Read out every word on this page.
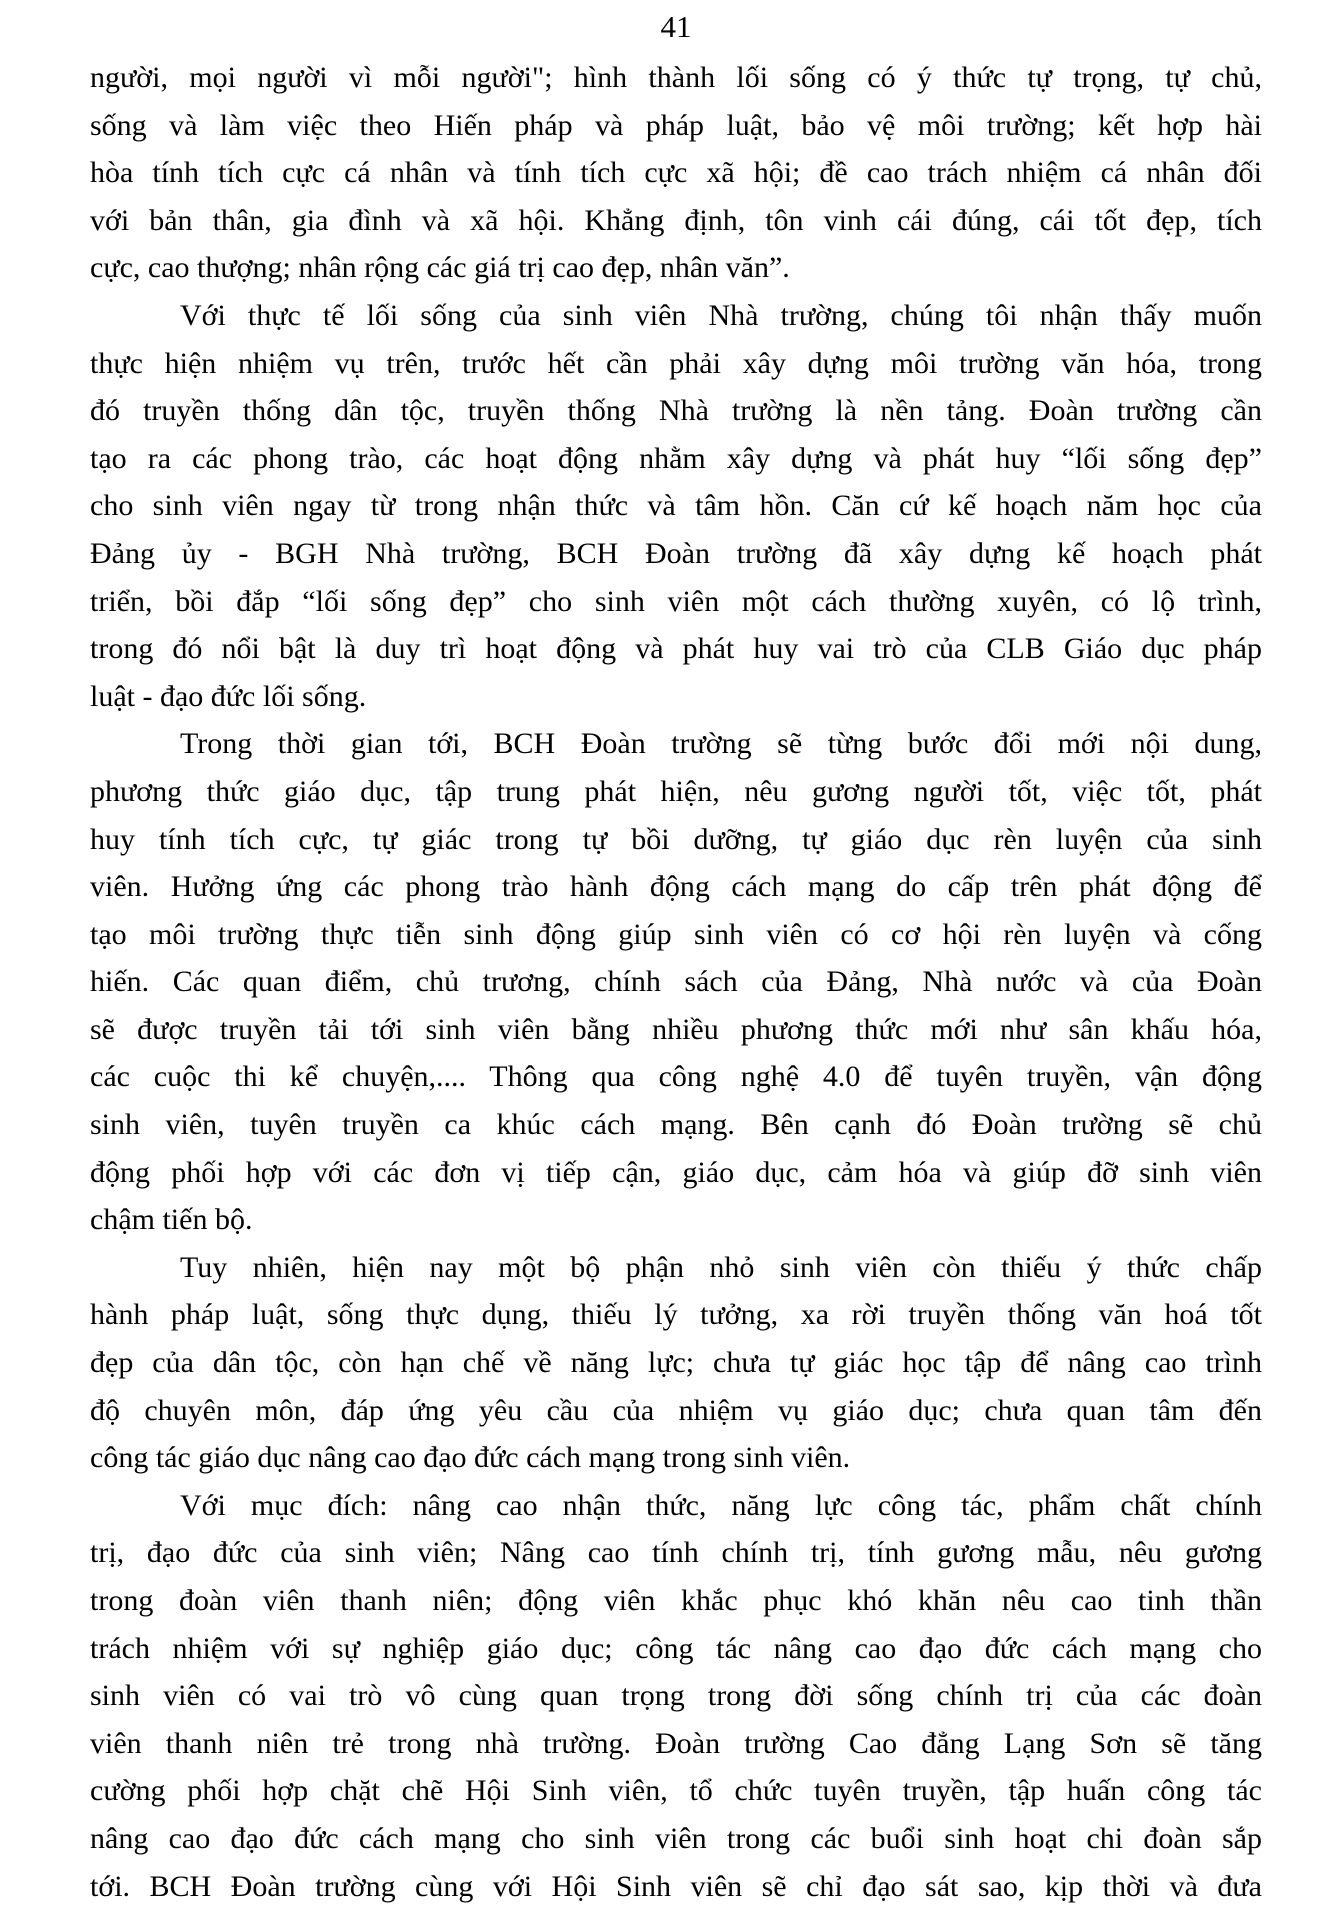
41
người, mọi người vì mỗi người"; hình thành lối sống có ý thức tự trọng, tự chủ,
sống và làm việc theo Hiến pháp và pháp luật, bảo vệ môi trường; kết hợp hài
hòa tính tích cực cá nhân và tính tích cực xã hội; đề cao trách nhiệm cá nhân đối
với bản thân, gia đình và xã hội. Khẳng định, tôn vinh cái đúng, cái tốt đẹp, tích
cực, cao thượng; nhân rộng các giá trị cao đẹp, nhân văn”.
Với thực tế lối sống của sinh viên Nhà trường, chúng tôi nhận thấy muốn
thực hiện nhiệm vụ trên, trước hết cần phải xây dựng môi trường văn hóa, trong
đó truyền thống dân tộc, truyền thống Nhà trường là nền tảng. Đoàn trường cần
tạo ra các phong trào, các hoạt động nhằm xây dựng và phát huy “lối sống đẹp”
cho sinh viên ngay từ trong nhận thức và tâm hồn. Căn cứ kế hoạch năm học của
Đảng ủy - BGH Nhà trường, BCH Đoàn trường đã xây dựng kế hoạch phát
triển, bồi đắp “lối sống đẹp” cho sinh viên một cách thường xuyên, có lộ trình,
trong đó nổi bật là duy trì hoạt động và phát huy vai trò của CLB Giáo dục pháp
luật - đạo đức lối sống.
Trong thời gian tới, BCH Đoàn trường sẽ từng bước đổi mới nội dung,
phương thức giáo dục, tập trung phát hiện, nêu gương người tốt, việc tốt, phát
huy tính tích cực, tự giác trong tự bồi dưỡng, tự giáo dục rèn luyện của sinh
viên. Hưởng ứng các phong trào hành động cách mạng do cấp trên phát động để
tạo môi trường thực tiễn sinh động giúp sinh viên có cơ hội rèn luyện và cống
hiến. Các quan điểm, chủ trương, chính sách của Đảng, Nhà nước và của Đoàn
sẽ được truyền tải tới sinh viên bằng nhiều phương thức mới như sân khấu hóa,
các cuộc thi kể chuyện,.... Thông qua công nghệ 4.0 để tuyên truyền, vận động
sinh viên, tuyên truyền ca khúc cách mạng. Bên cạnh đó Đoàn trường sẽ chủ
động phối hợp với các đơn vị tiếp cận, giáo dục, cảm hóa và giúp đỡ sinh viên
chậm tiến bộ.
Tuy nhiên, hiện nay một bộ phận nhỏ sinh viên còn thiếu ý thức chấp
hành pháp luật, sống thực dụng, thiếu lý tưởng, xa rời truyền thống văn hoá tốt
đẹp của dân tộc, còn hạn chế về năng lực; chưa tự giác học tập để nâng cao trình
độ chuyên môn, đáp ứng yêu cầu của nhiệm vụ giáo dục; chưa quan tâm đến
công tác giáo dục nâng cao đạo đức cách mạng trong sinh viên.
Với mục đích: nâng cao nhận thức, năng lực công tác, phẩm chất chính
trị, đạo đức của sinh viên; Nâng cao tính chính trị, tính gương mẫu, nêu gương
trong đoàn viên thanh niên; động viên khắc phục khó khăn nêu cao tinh thần
trách nhiệm với sự nghiệp giáo dục; công tác nâng cao đạo đức cách mạng cho
sinh viên có vai trò vô cùng quan trọng trong đời sống chính trị của các đoàn
viên thanh niên trẻ trong nhà trường. Đoàn trường Cao đẳng Lạng Sơn sẽ tăng
cường phối hợp chặt chẽ Hội Sinh viên, tổ chức tuyên truyền, tập huấn công tác
nâng cao đạo đức cách mạng cho sinh viên trong các buổi sinh hoạt chi đoàn sắp
tới. BCH Đoàn trường cùng với Hội Sinh viên sẽ chỉ đạo sát sao, kịp thời và đưa
